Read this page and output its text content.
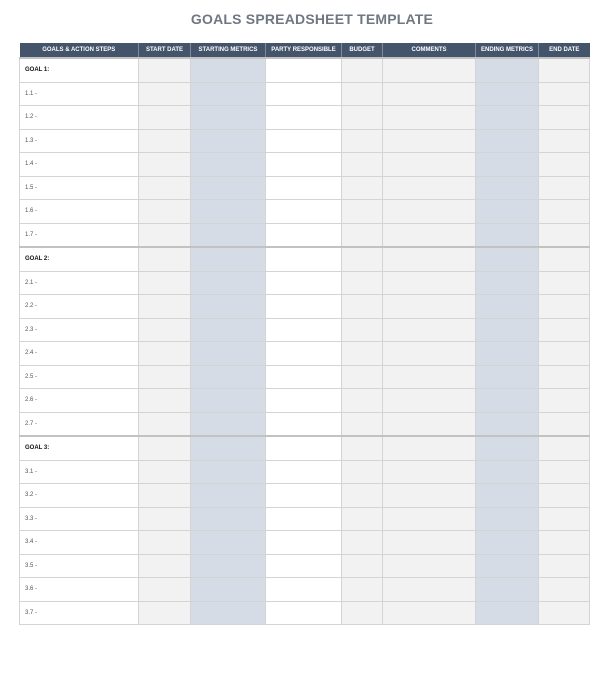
GOALS SPREADSHEET TEMPLATE
GOALS & ACTION STEPS	START DATE	STARTING METRICS	PARTY RESPONSIBLE	BUDGET	COMMENTS	ENDING METRICS	END DATE
GOAL 1:							
1.1 -							
1.2 -							
1.3 -							
1.4 -							
1.5 -							
1.6 -							
1.7 -							
GOAL 2:							
2.1 -							
2.2 -							
2.3 -							
2.4 -							
2.5 -							
2.6 -							
2.7 -							
GOAL 3:							
3.1 -							
3.2 -							
3.3 -							
3.4 -							
3.5 -							
3.6 -							
3.7 -							
